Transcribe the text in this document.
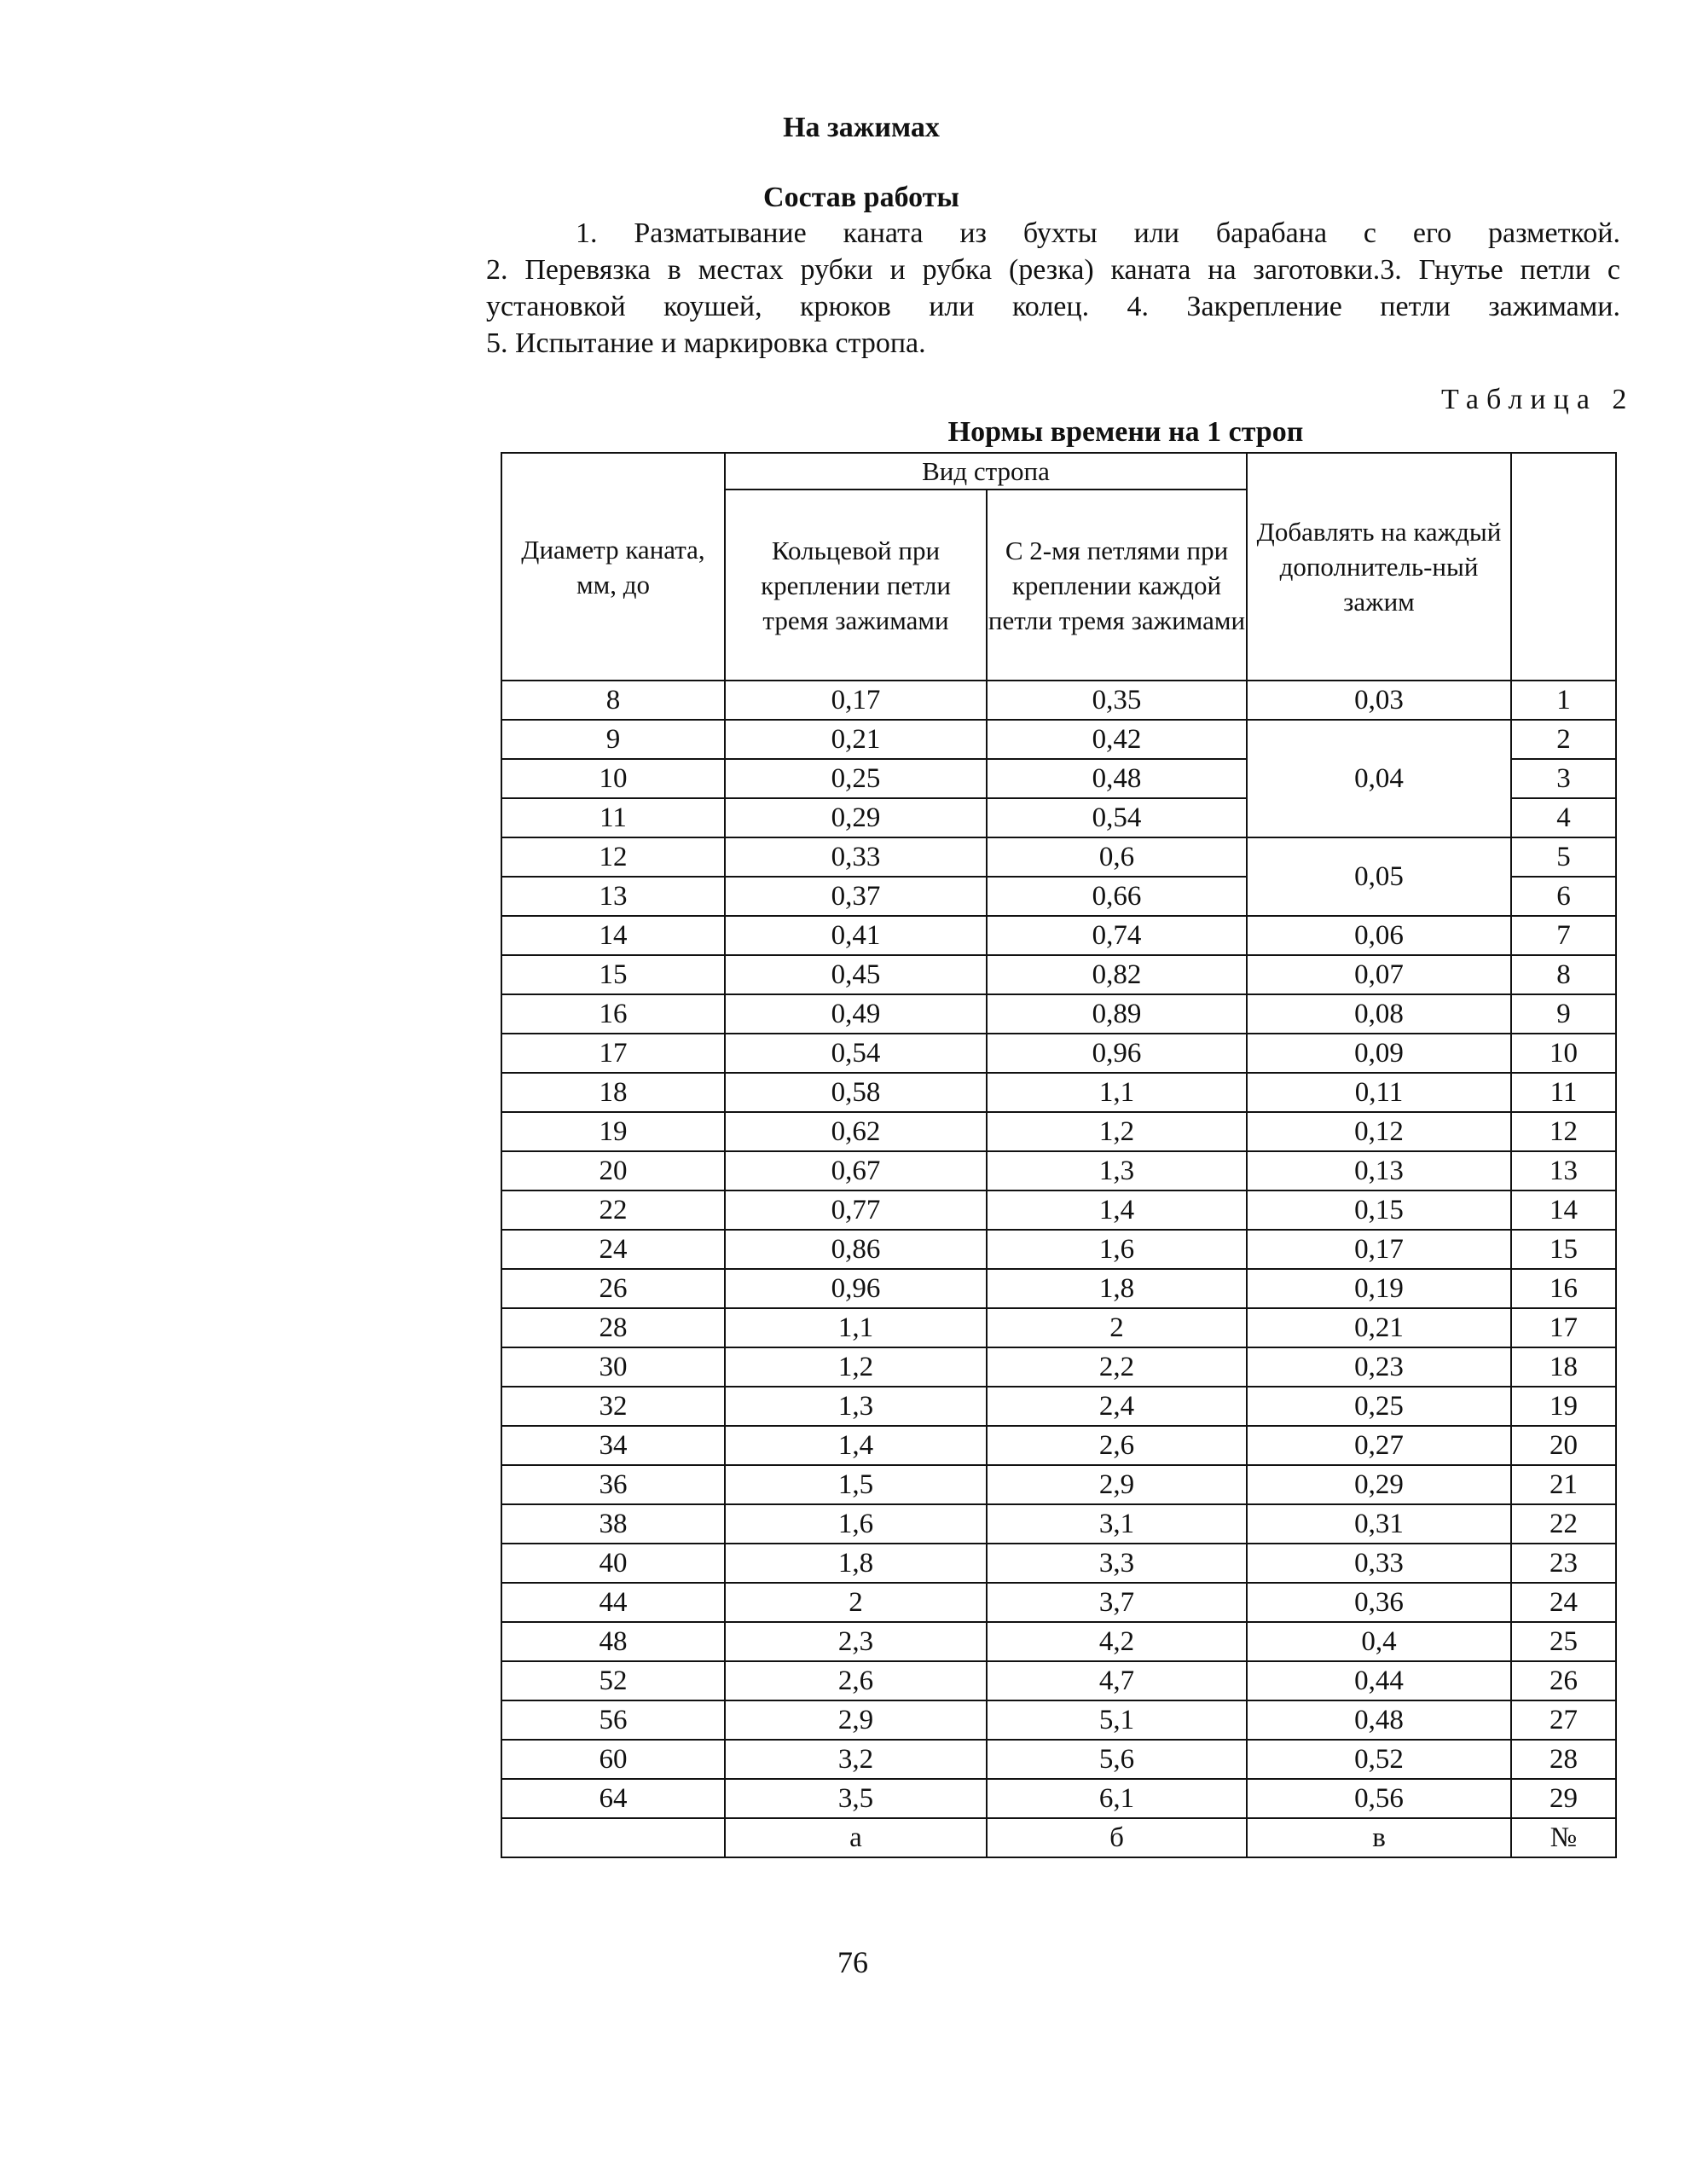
На зажимах
Состав работы
1. Разматывание каната из бухты или барабана с его разметкой.
2. Перевязка в местах рубки и рубка (резка) каната на заготовки.3. Гнутье петли с
установкой коушей, крюков или колец. 4. Закрепление петли зажимами.
5. Испытание и маркировка стропа.
Таблица 2
Нормы времени на 1 строп
Диаметр каната, мм, до	Вид стропа		Добавлять на каждый дополнитель-ный зажим	
	Кольцевой при креплении петли тремя зажимами	С 2-мя петлями при креплении каждой петли тремя зажимами		
8	0,17	0,35	0,03	1
9	0,21	0,42	0,04	2
10	0,25	0,48		3
11	0,29	0,54		4
12	0,33	0,6	0,05	5
13	0,37	0,66		6
14	0,41	0,74	0,06	7
15	0,45	0,82	0,07	8
16	0,49	0,89	0,08	9
17	0,54	0,96	0,09	10
18	0,58	1,1	0,11	11
19	0,62	1,2	0,12	12
20	0,67	1,3	0,13	13
22	0,77	1,4	0,15	14
24	0,86	1,6	0,17	15
26	0,96	1,8	0,19	16
28	1,1	2	0,21	17
30	1,2	2,2	0,23	18
32	1,3	2,4	0,25	19
34	1,4	2,6	0,27	20
36	1,5	2,9	0,29	21
38	1,6	3,1	0,31	22
40	1,8	3,3	0,33	23
44	2	3,7	0,36	24
48	2,3	4,2	0,4	25
52	2,6	4,7	0,44	26
56	2,9	5,1	0,48	27
60	3,2	5,6	0,52	28
64	3,5	6,1	0,56	29
	а	б	в	№
76
